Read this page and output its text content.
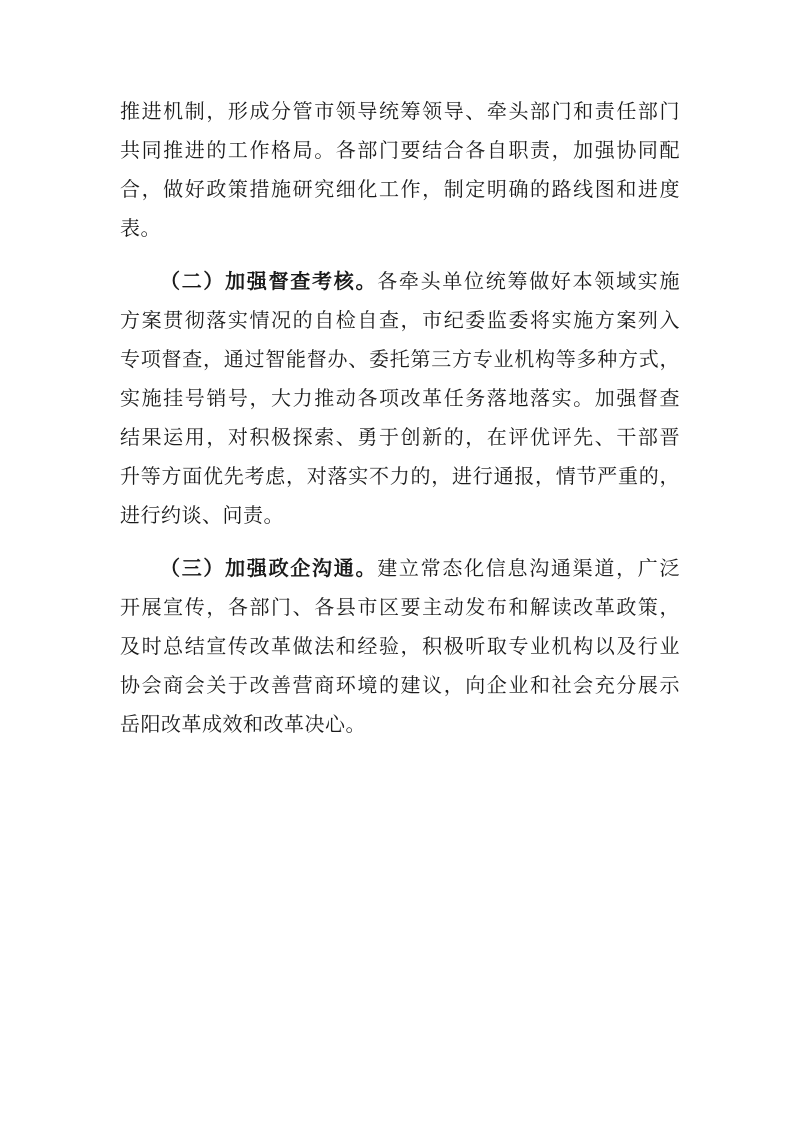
推进机制，形成分管市领导统筹领导、牵头部门和责任部门
共同推进的工作格局。各部门要结合各自职责，加强协同配
合，做好政策措施研究细化工作，制定明确的路线图和进度
表。
（二）加强督查考核。各牵头单位统筹做好本领域实施
方案贯彻落实情况的自检自查，市纪委监委将实施方案列入
专项督查，通过智能督办、委托第三方专业机构等多种方式，
实施挂号销号，大力推动各项改革任务落地落实。加强督查
结果运用，对积极探索、勇于创新的，在评优评先、干部晋
升等方面优先考虑，对落实不力的，进行通报，情节严重的，
进行约谈、问责。
（三）加强政企沟通。建立常态化信息沟通渠道，广泛
开展宣传，各部门、各县市区要主动发布和解读改革政策，
及时总结宣传改革做法和经验，积极听取专业机构以及行业
协会商会关于改善营商环境的建议，向企业和社会充分展示
岳阳改革成效和改革决心。
